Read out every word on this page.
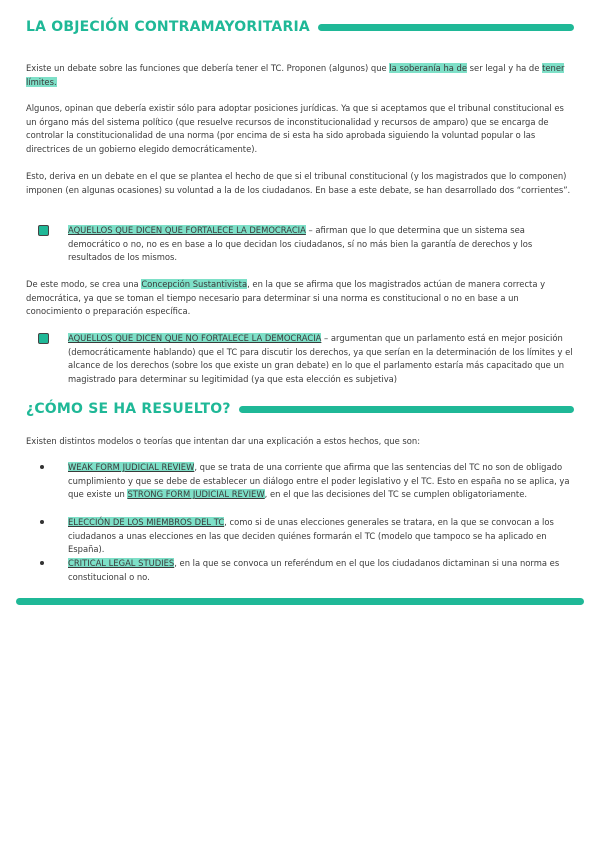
LA OBJECIÓN CONTRAMAYORITARIA

Existe un debate sobre las funciones que debería tener el TC. Proponen (algunos) que la soberanía ha de ser legal y ha de tener límites.

Algunos, opinan que debería existir sólo para adoptar posiciones jurídicas. Ya que si aceptamos que el tribunal constitucional es un órgano más del sistema político (que resuelve recursos de inconstitucionalidad y recursos de amparo) que se encarga de controlar la constitucionalidad de una norma (por encima de si esta ha sido aprobada siguiendo la voluntad popular o las directrices de un gobierno elegido democráticamente).

Esto, deriva en un debate en el que se plantea el hecho de que si el tribunal constitucional (y los magistrados que lo componen) imponen (en algunas ocasiones) su voluntad a la de los ciudadanos. En base a este debate, se han desarrollado dos “corrientes”.

AQUELLOS QUE DICEN QUE FORTALECE LA DEMOCRACIA – afirman que lo que determina que un sistema sea democrático o no, no es en base a lo que decidan los ciudadanos, sí no más bien la garantía de derechos y los resultados de los mismos.

De este modo, se crea una Concepción Sustantivista, en la que se afirma que los magistrados actúan de manera correcta y democrática, ya que se toman el tiempo necesario para determinar si una norma es constitucional o no en base a un conocimiento o preparación específica.

AQUELLOS QUE DICEN QUE NO FORTALECE LA DEMOCRACIA – argumentan que un parlamento está en mejor posición (democráticamente hablando) que el TC para discutir los derechos, ya que serían en la determinación de los límites y el alcance de los derechos (sobre los que existe un gran debate) en lo que el parlamento estaría más capacitado que un magistrado para determinar su legitimidad (ya que esta elección es subjetiva)
¿CÓMO SE HA RESUELTO?

Existen distintos modelos o teorías que intentan dar una explicación a estos hechos, que son:

WEAK FORM JUDICIAL REVIEW, que se trata de una corriente que afirma que las sentencias del TC no son de obligado cumplimiento y que se debe de establecer un diálogo entre el poder legislativo y el TC. Esto en españa no se aplica, ya que existe un STRONG FORM JUDICIAL REVIEW, en el que las decisiones del TC se cumplen obligatoriamente.
ELECCIÓN DE LOS MIEMBROS DEL TC, como si de unas elecciones generales se tratara, en la que se convocan a los ciudadanos a unas elecciones en las que deciden quiénes formarán el TC (modelo que tampoco se ha aplicado en España).
CRITICAL LEGAL STUDIES, en la que se convoca un referéndum en el que los ciudadanos dictaminan si una norma es constitucional o no.
